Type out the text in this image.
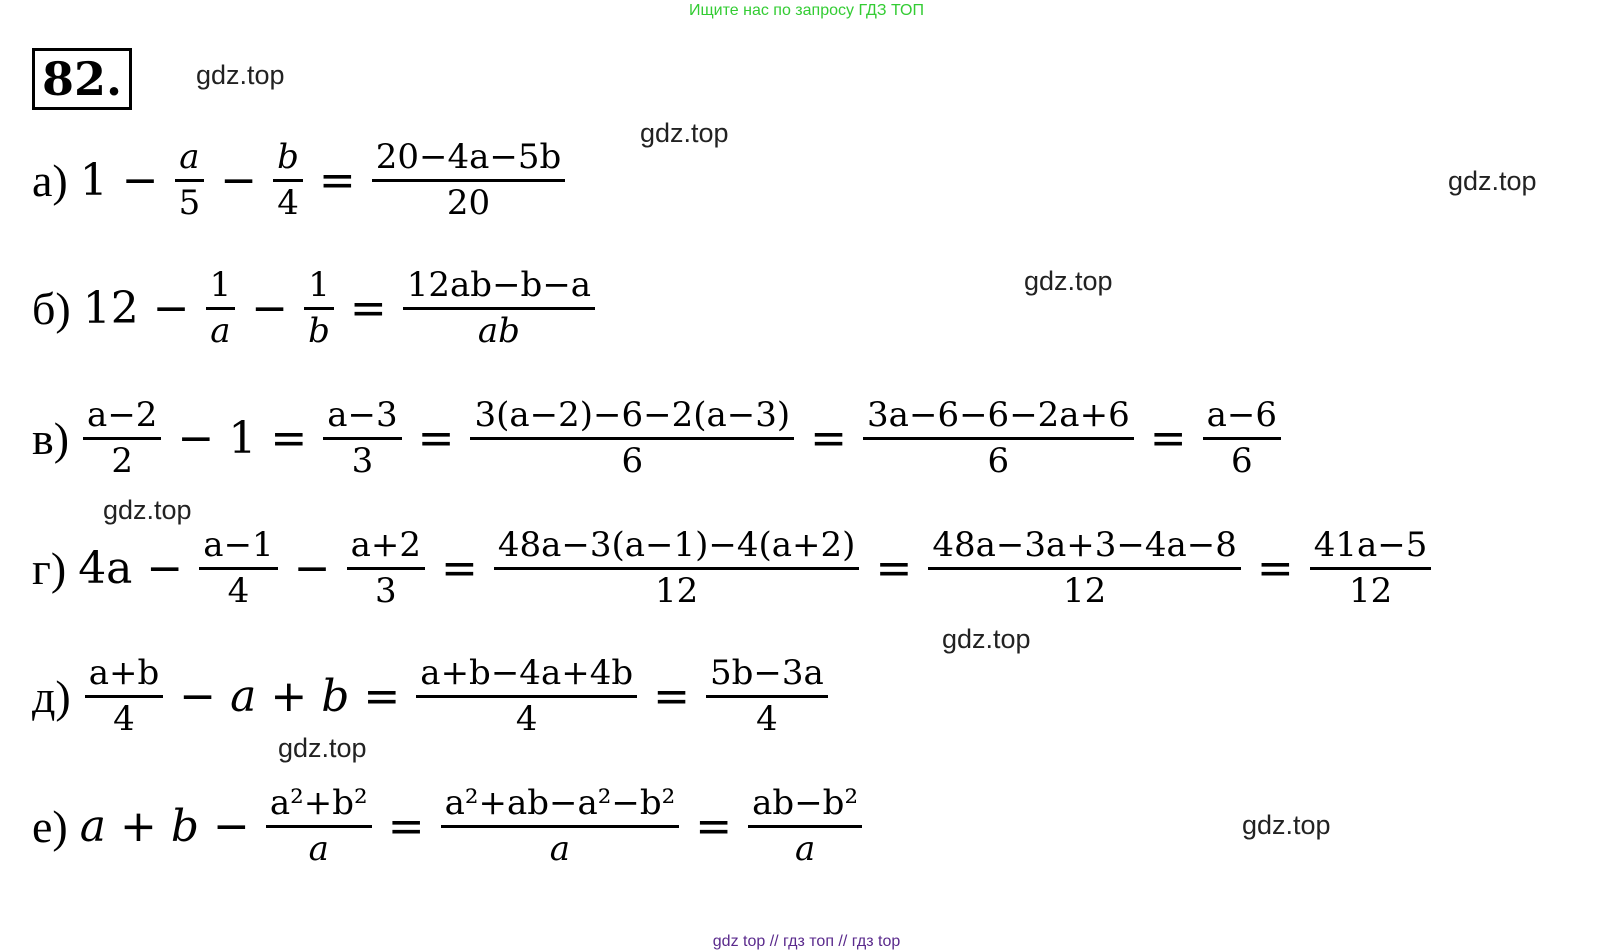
Ищите нас по запросу ГДЗ ТОП
82.	gdz.top
gdz.top
gdz.top
gdz.top
gdz.top
gdz.top
gdz.top
gdz.top
а) $1 - \frac{a}{5} - \frac{b}{4} = \frac{20-4a-5b}{20}$
б) $12 - \frac{1}{a} - \frac{1}{b} = \frac{12ab-b-a}{ab}$
$в) \frac{a-2}{2} - 1 = \frac{a-3}{3} = \frac{3(a-2)-6-2(a-3)}{6} = \frac{3a-6-6-2a+6}{6} = \frac{a-6}{6}$
г) $4a - \frac{a-1}{4} - \frac{a+2}{3} = \frac{48a-3(a-1)-4(a+2)}{12} = \frac{48a-3a+3-4a-8}{12} = \frac{41a-5}{12}$
$д) \frac{a+b}{4} - a + b = \frac{a+b-4a+4b}{4} = \frac{5b-3a}{4}$
е) $a + b - \frac{\text{a²+b²}}{a} = \frac{\text{a²+ab−a²−b²}}{a} = \frac{\text{ab−b²}}{a}$
gdz top // гдз топ // гдз top
